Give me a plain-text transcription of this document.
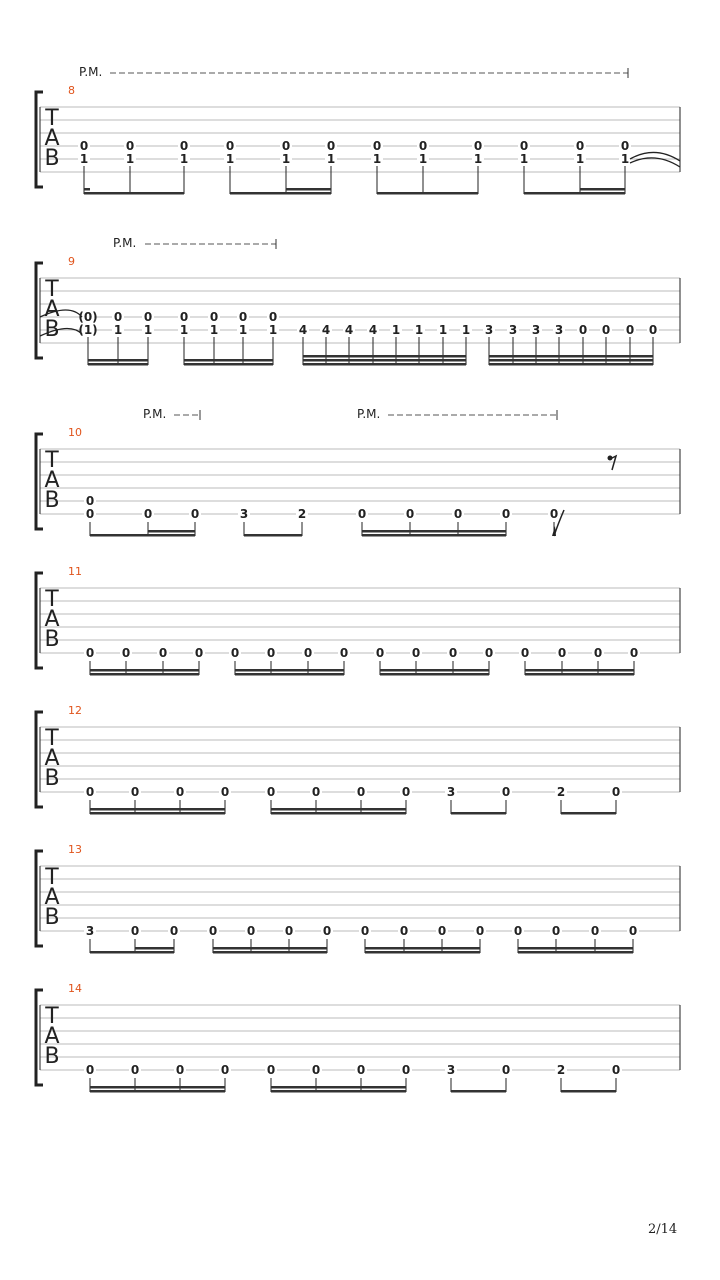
T
A
B
8
P.M.
0
1
0
1
0
1
0
1
0
1
0
1
0
1
0
1
0
1
0
1
0
1
0
1
T
A
B
9
P.M.
(0)
(1)
0
1
0
1
0
1
0
1
0
1
0
1 4 4 4 4 1 1 1 1 3 3 3 3 0 0 0 0
T
A
B
10
P.M.	P.M.
0
0	0	0	3	2	0	0	0	0	0
T
A
B
11
0 0 0 0 0 0 0 0 0 0 0 0 0 0 0 0
T
A
B
12
0	0	0	0	0	0	0	0	3	0	2	0
T
A
B
13
3	0	0	0 0 0 0 0	0 0 0 0 0	0 0
T
A
B
14
0	0	0	0	0	0	0	0	3	0	2	0
2/14
